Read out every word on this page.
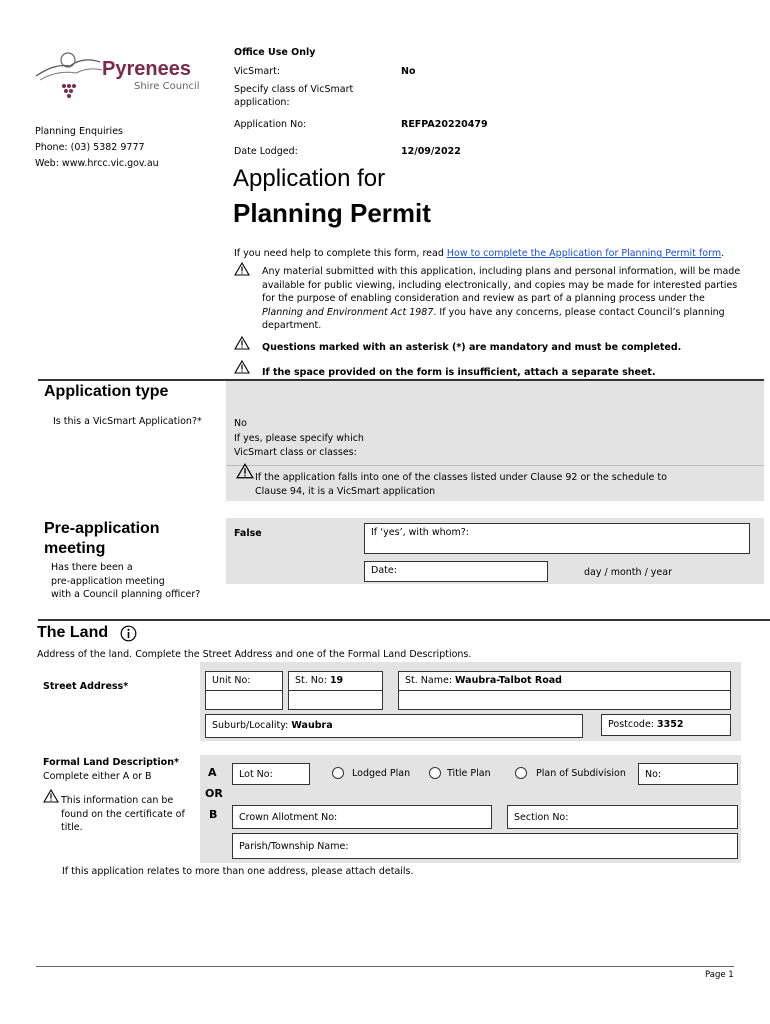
Pyrenees
Shire Council
Planning Enquiries
Phone: (03) 5382 9777
Web: www.hrcc.vic.gov.au
Office Use Only
VicSmart:	No
Specify class of VicSmart
application:
Application No:	REFPA20220479
Date Lodged:	12/09/2022
Application for
Planning Permit
If you need help to complete this form, read How to complete the Application for Planning Permit form.
Any material submitted with this application, including plans and personal information, will be made
available for public viewing, including electronically, and copies may be made for interested parties
for the purpose of enabling consideration and review as part of a planning process under the
Planning and Environment Act 1987. If you have any concerns, please contact Council’s planning
department.
Questions marked with an asterisk (*) are mandatory and must be completed.
If the space provided on the form is insufficient, attach a separate sheet.
Application type
Is this a VicSmart Application?*	No
If yes, please specify which
VicSmart class or classes:
If the application falls into one of the classes listed under Clause 92 or the schedule to
Clause 94, it is a VicSmart application
Pre-application
meeting
Has there been a
pre-application meeting
with a Council planning officer?
False	If ‘yes’, with whom?:
Date:	day / month / year
The Land
Address of the land. Complete the Street Address and one of the Formal Land Descriptions.
Street Address*
Unit No:	St. No: 19	St. Name: Waubra-Talbot Road
Suburb/Locality: Waubra	Postcode: 3352
Formal Land Description*
Complete either A or B
This information can be
found on the certificate of
title.
A
OR
B
Lot No:	Lodged Plan	Title Plan	Plan of Subdivision	No:
Crown Allotment No:	Section No:
Parish/Township Name:
If this application relates to more than one address, please attach details.
Page 1
